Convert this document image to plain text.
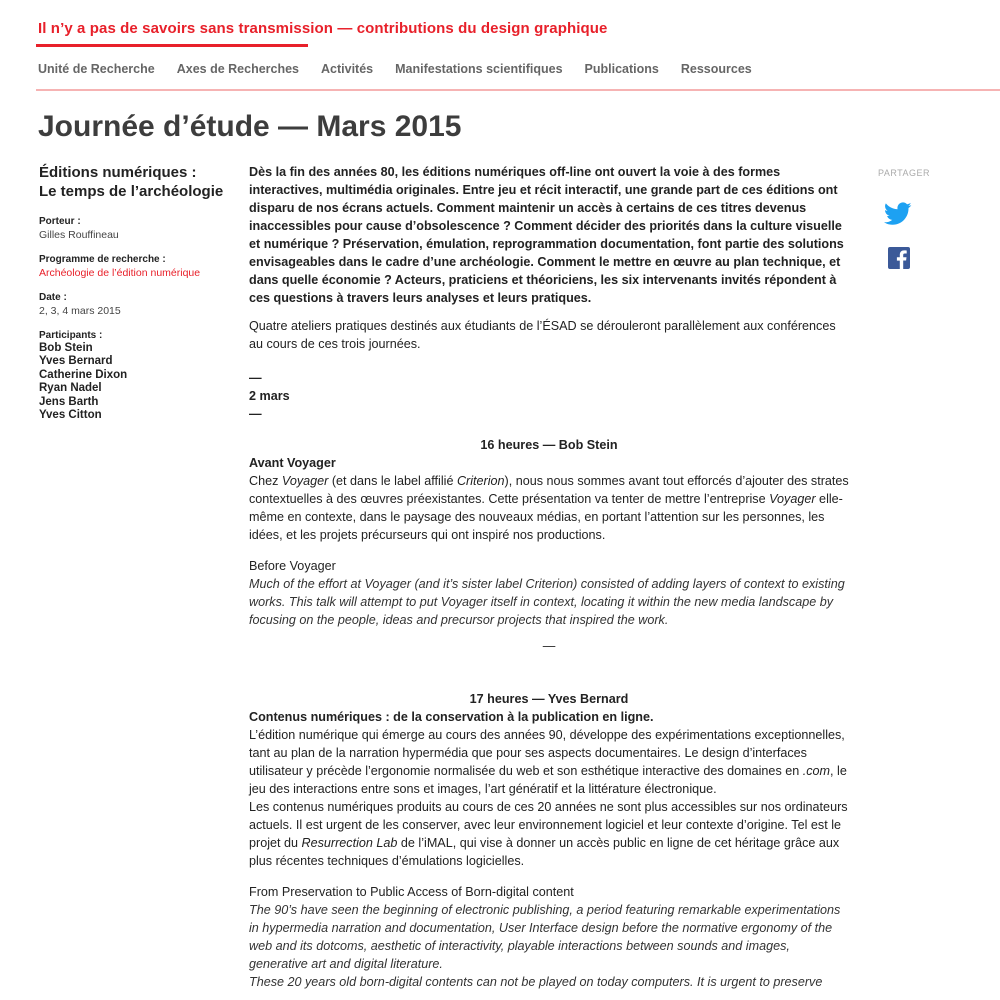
Il n’y a pas de savoirs sans transmission — contributions du design graphique
Unité de Recherche Axes de Recherches Activités Manifestations scientifiques Publications Ressources
Journée d’étude — Mars 2015
Éditions numériques :
Le temps de l’archéologie

Porteur :

Gilles Rouffineau

Programme de recherche :

Archéologie de l’édition numérique

Date :

2, 3, 4 mars 2015

Participants :

Bob Stein
Yves Bernard
Catherine Dixon
Ryan Nadel
Jens Barth
Yves Citton

Dès la fin des années 80, les éditions numériques off-line ont ouvert la voie à des formes interactives, multimédia originales. Entre jeu et récit interactif, une grande part de ces éditions ont disparu de nos écrans actuels. Comment maintenir un accès à certains de ces titres devenus inaccessibles pour cause d’obsolescence ? Comment décider des priorités dans la culture visuelle et numérique ? Préservation, émulation, reprogrammation documentation, font partie des solutions envisageables dans le cadre d’une archéologie. Comment le mettre en œuvre au plan technique, et dans quelle économie ? Acteurs, praticiens et théoriciens, les six intervenants invités répondent à ces questions à travers leurs analyses et leurs pratiques.

Quatre ateliers pratiques destinés aux étudiants de l’ÉSAD se dérouleront parallèlement aux conférences au cours de ces trois journées.

—

2 mars

—

16 heures — Bob Stein

Avant Voyager

Chez Voyager (et dans le label affilié Criterion), nous nous sommes avant tout efforcés d’ajouter des strates contextuelles à des œuvres préexistantes. Cette présentation va tenter de mettre l’entreprise Voyager elle-même en contexte, dans le paysage des nouveaux médias, en portant l’attention sur les personnes, les idées, et les projets précurseurs qui ont inspiré nos productions.

Before Voyager

Much of the effort at Voyager (and it’s sister label Criterion) consisted of adding layers of context to existing works. This talk will attempt to put Voyager itself in context, locating it within the new media landscape by focusing on the people, ideas and precursor projects that inspired the work.

—

17 heures — Yves Bernard

Contenus numériques : de la conservation à la publication en ligne.

L’édition numérique qui émerge au cours des années 90, développe des expérimentations exceptionnelles, tant au plan de la narration hypermédia que pour ses aspects documentaires. Le design d’interfaces utilisateur y précède l’ergonomie normalisée du web et son esthétique interactive des domaines en .com, le jeu des interactions entre sons et images, l’art génératif et la littérature électronique.

Les contenus numériques produits au cours de ces 20 années ne sont plus accessibles sur nos ordinateurs actuels. Il est urgent de les conserver, avec leur environnement logiciel et leur contexte d’origine. Tel est le projet du Resurrection Lab de l’iMAL, qui vise à donner un accès public en ligne de cet héritage grâce aux plus récentes techniques d’émulations logicielles.

From Preservation to Public Access of Born-digital content

The 90’s have seen the beginning of electronic publishing, a period featuring remarkable experimentations in hypermedia narration and documentation, User Interface design before the normative ergonomy of the web and its dotcoms, aesthetic of interactivity, playable interactions between sounds and images, generative art and digital literature.

These 20 years old born-digital contents can not be played on today computers. It is urgent to preserve

PARTAGER
